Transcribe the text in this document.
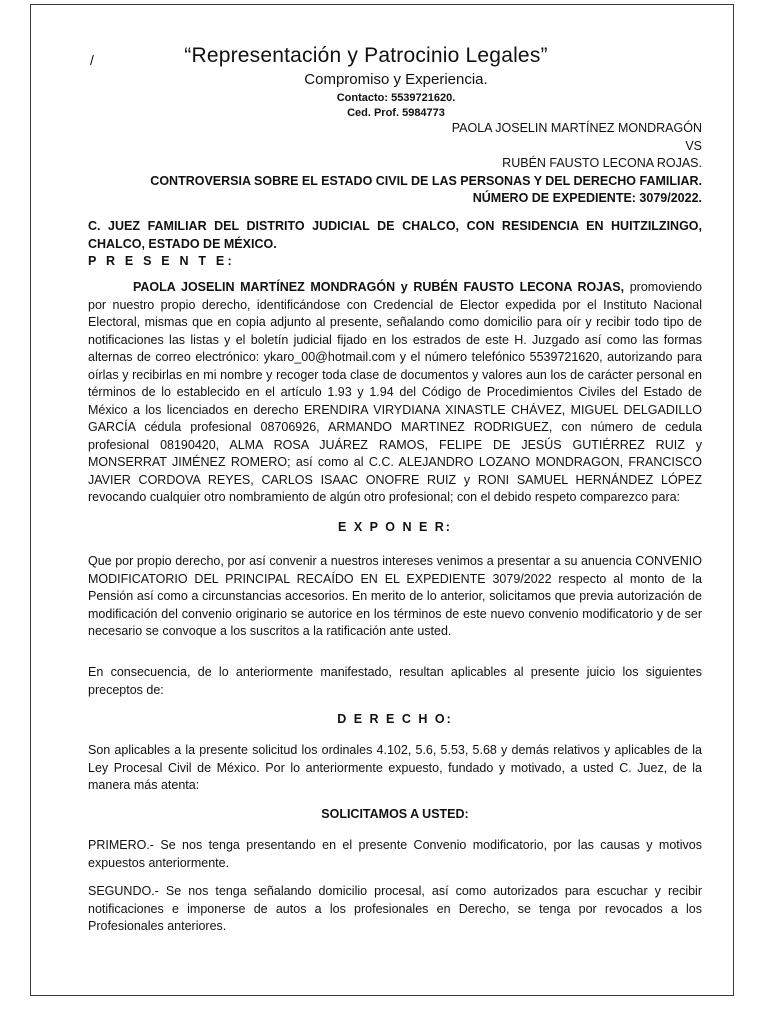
/	“Representación y Patrocinio Legales”
Compromiso y Experiencia.
Contacto: 5539721620.
Ced. Prof. 5984773
PAOLA JOSELIN MARTÍNEZ MONDRAGÓN
VS
RUBÉN FAUSTO LECONA ROJAS.
CONTROVERSIA SOBRE EL ESTADO CIVIL DE LAS PERSONAS Y DEL DERECHO FAMILIAR.
NÚMERO DE EXPEDIENTE: 3079/2022.

C. JUEZ FAMILIAR DEL DISTRITO JUDICIAL DE CHALCO, CON RESIDENCIA EN HUITZILZINGO, CHALCO, ESTADO DE MÉXICO.

P R E S E N T E:

PAOLA JOSELIN MARTÍNEZ MONDRAGÓN y RUBÉN FAUSTO LECONA ROJAS, promoviendo por nuestro propio derecho, identificándose con Credencial de Elector expedida por el Instituto Nacional Electoral, mismas que en copia adjunto al presente, señalando como domicilio para oír y recibir todo tipo de notificaciones las listas y el boletín judicial fijado en los estrados de este H. Juzgado así como las formas alternas de correo electrónico: ykaro_00@hotmail.com y el número telefónico 5539721620, autorizando para oírlas y recibirlas en mi nombre y recoger toda clase de documentos y valores aun los de carácter personal en términos de lo establecido en el artículo 1.93 y 1.94 del Código de Procedimientos Civiles del Estado de México a los licenciados en derecho ERENDIRA VIRYDIANA XINASTLE CHÁVEZ, MIGUEL DELGADILLO GARCÍA cédula profesional 08706926, ARMANDO MARTINEZ RODRIGUEZ, con número de cedula profesional 08190420, ALMA ROSA JUÁREZ RAMOS, FELIPE DE JESÚS GUTIÉRREZ RUIZ y MONSERRAT JIMÉNEZ ROMERO; así como al C.C. ALEJANDRO LOZANO MONDRAGON, FRANCISCO JAVIER CORDOVA REYES, CARLOS ISAAC ONOFRE RUIZ y RONI SAMUEL HERNÁNDEZ LÓPEZ revocando cualquier otro nombramiento de algún otro profesional; con el debido respeto comparezco para:

E X P O N E R:
Que por propio derecho, por así convenir a nuestros intereses venimos a presentar a su anuencia CONVENIO MODIFICATORIO DEL PRINCIPAL RECAÍDO EN EL EXPEDIENTE 3079/2022 respecto al monto de la Pensión así como a circunstancias accesorios. En merito de lo anterior, solicitamos que previa autorización de modificación del convenio originario se autorice en los términos de este nuevo convenio modificatorio y de ser necesario se convoque a los suscritos a la ratificación ante usted.
En consecuencia, de lo anteriormente manifestado, resultan aplicables al presente juicio los siguientes preceptos de:
D E R E C H O:
Son aplicables a la presente solicitud los ordinales 4.102, 5.6, 5.53, 5.68 y demás relativos y aplicables de la Ley Procesal Civil de México. Por lo anteriormente expuesto, fundado y motivado, a usted C. Juez, de la manera más atenta:
SOLICITAMOS A USTED:
PRIMERO.- Se nos tenga presentando en el presente Convenio modificatorio, por las causas y motivos expuestos anteriormente.
SEGUNDO.- Se nos tenga señalando domicilio procesal, así como autorizados para escuchar y recibir notificaciones e imponerse de autos a los profesionales en Derecho, se tenga por revocados a los Profesionales anteriores.
